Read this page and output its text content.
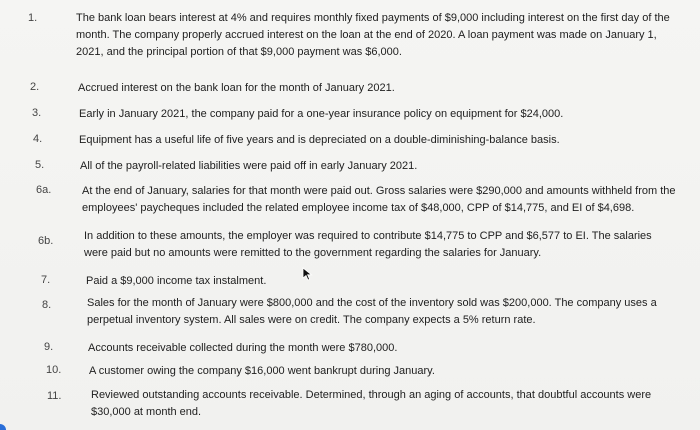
1.	The bank loan bears interest at 4% and requires monthly fixed payments of $9,000 including interest on the first day of the month. The company properly accrued interest on the loan at the end of 2020. A loan payment was made on January 1, 2021, and the principal portion of that $9,000 payment was $6,000.
2.	Accrued interest on the bank loan for the month of January 2021.
3.	Early in January 2021, the company paid for a one-year insurance policy on equipment for $24,000.
4.	Equipment has a useful life of five years and is depreciated on a double-diminishing-balance basis.
5.	All of the payroll-related liabilities were paid off in early January 2021.
6a.	At the end of January, salaries for that month were paid out. Gross salaries were $290,000 and amounts withheld from the employees' paycheques included the related employee income tax of $48,000, CPP of $14,775, and EI of $4,698.
6b.	In addition to these amounts, the employer was required to contribute $14,775 to CPP and $6,577 to EI. The salaries were paid but no amounts were remitted to the government regarding the salaries for January.
7.	Paid a $9,000 income tax instalment.
8.	Sales for the month of January were $800,000 and the cost of the inventory sold was $200,000. The company uses a perpetual inventory system. All sales were on credit. The company expects a 5% return rate.
9.	Accounts receivable collected during the month were $780,000.
10.	A customer owing the company $16,000 went bankrupt during January.
11.	Reviewed outstanding accounts receivable. Determined, through an aging of accounts, that doubtful accounts were $30,000 at month end.
